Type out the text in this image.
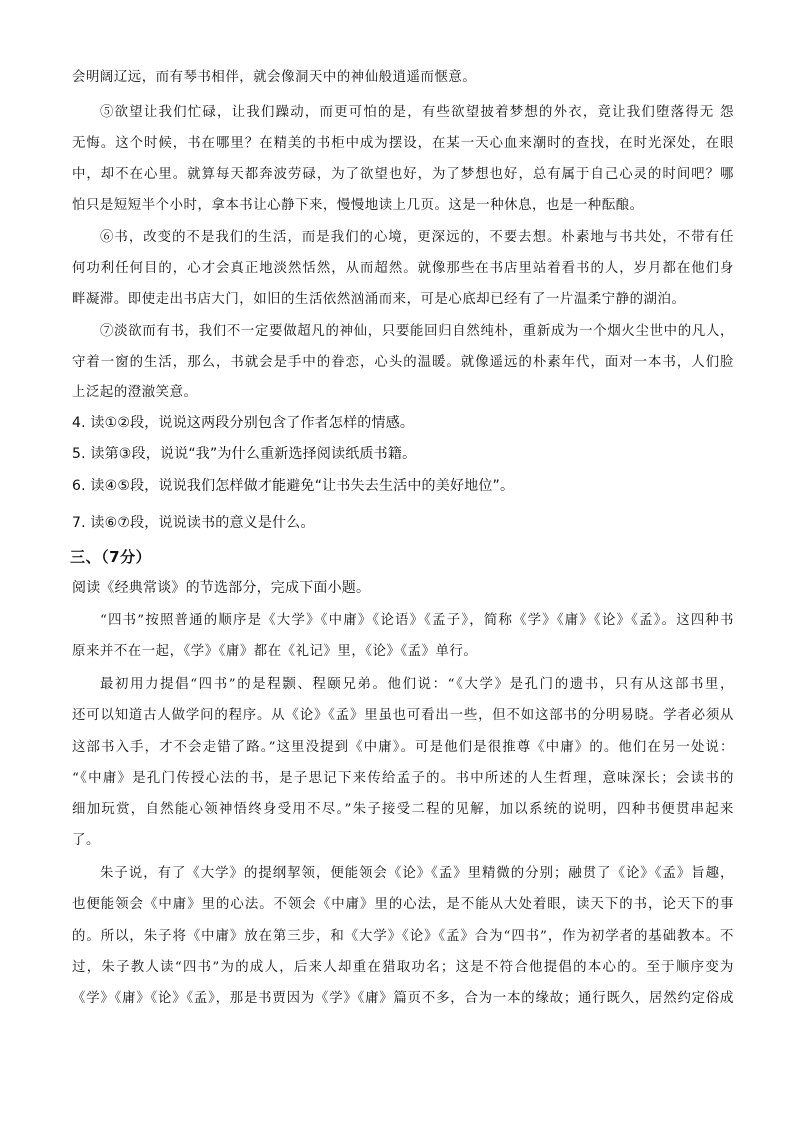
会明阔辽远，而有琴书相伴，就会像洞天中的神仙般逍遥而惬意。
⑤欲望让我们忙碌，让我们躁动，而更可怕的是，有些欲望披着梦想的外衣，竟让我们堕落得无 怨
无悔。这个时候，书在哪里？在精美的书柜中成为摆设，在某一天心血来潮时的查找，在时光深处，在眼
中，却不在心里。就算每天都奔波劳碌，为了欲望也好，为了梦想也好，总有属于自己心灵的时间吧？哪
怕只是短短半个小时，拿本书让心静下来，慢慢地读上几页。这是一种休息，也是一种酝酿。
⑥书，改变的不是我们的生活，而是我们的心境，更深远的，不要去想。朴素地与书共处，不带有任
何功利任何目的，心才会真正地淡然恬然，从而超然。就像那些在书店里站着看书的人，岁月都在他们身
畔凝滞。即使走出书店大门，如旧的生活依然汹涌而来，可是心底却已经有了一片温柔宁静的湖泊。
⑦淡欲而有书，我们不一定要做超凡的神仙，只要能回归自然纯朴，重新成为一个烟火尘世中的凡人，
守着一窗的生活，那么，书就会是手中的眷恋，心头的温暖。就像遥远的朴素年代，面对一本书，人们脸
上泛起的澄澈笑意。
4. 读①②段，说说这两段分别包含了作者怎样的情感。
5. 读第③段，说说“我”为什么重新选择阅读纸质书籍。
6. 读④⑤段，说说我们怎样做才能避免“让书失去生活中的美好地位”。
7. 读⑥⑦段，说说读书的意义是什么。
三、（7分）
阅读《经典常谈》的节选部分，完成下面小题。
“四书”按照普通的顺序是《大学》《中庸》《论语》《孟子》，简称《学》《庸》《论》《孟》。这四种书
原来并不在一起，《学》《庸》都在《礼记》里，《论》《孟》单行。
最初用力提倡“四书”的是程颢、程颐兄弟。他们说：“《大学》是孔门的遗书，只有从这部书里，
还可以知道古人做学问的程序。从《论》《孟》里虽也可看出一些，但不如这部书的分明易晓。学者必须从
这部书入手，才不会走错了路。”这里没提到《中庸》。可是他们是很推尊《中庸》的。他们在另一处说：
“《中庸》是孔门传授心法的书，是子思记下来传给孟子的。书中所述的人生哲理，意味深长；会读书的
细加玩赏，自然能心领神悟终身受用不尽。”朱子接受二程的见解，加以系统的说明，四种书便贯串起来
了。
朱子说，有了《大学》的提纲挈领，便能领会《论》《孟》里精微的分别；融贯了《论》《孟》旨趣，
也便能领会《中庸》里的心法。不领会《中庸》里的心法，是不能从大处着眼，读天下的书，论天下的事
的。所以，朱子将《中庸》放在第三步，和《大学》《论》《孟》合为“四书”，作为初学者的基础教本。不
过，朱子教人读“四书”为的成人，后来人却重在猎取功名；这是不符合他提倡的本心的。至于顺序变为
《学》《庸》《论》《孟》，那是书贾因为《学》《庸》篇页不多，合为一本的缘故；通行既久，居然约定俗成
